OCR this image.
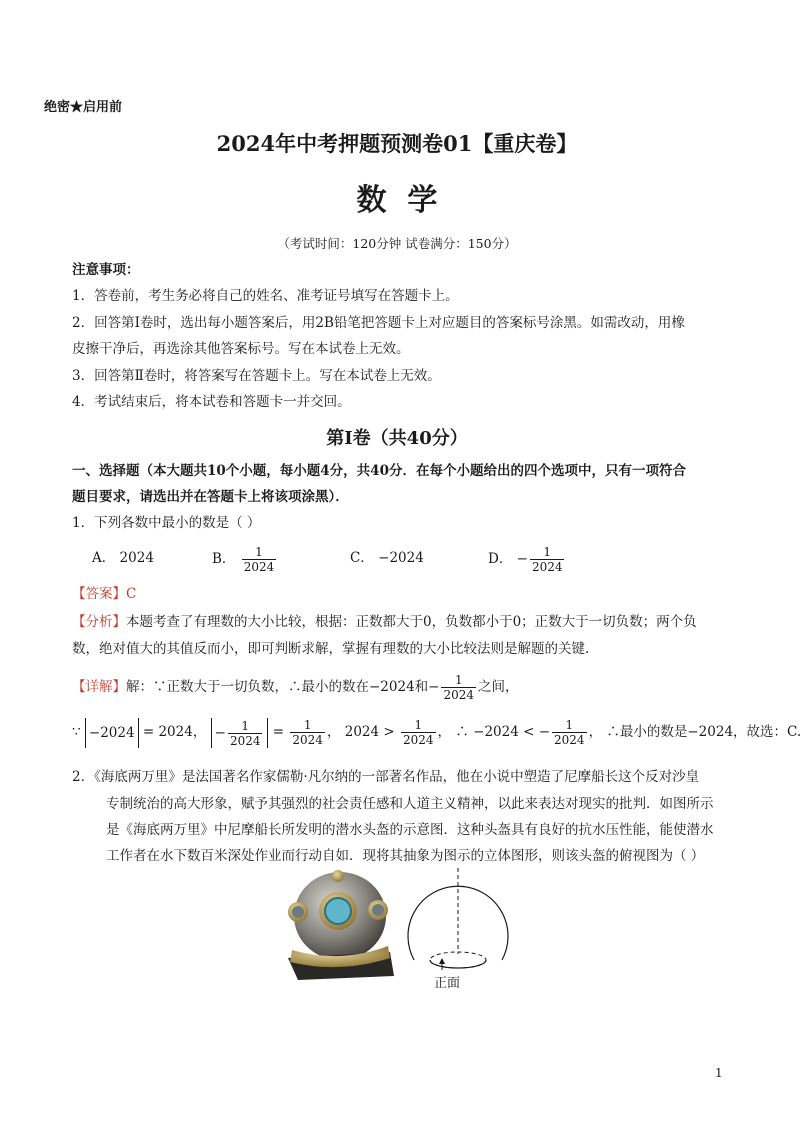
绝密★启用前
2024年中考押题预测卷01【重庆卷】
数  学
（考试时间：120分钟 试卷满分：150分）
注意事项：
1．答卷前，考生务必将自己的姓名、准考证号填写在答题卡上。
2．回答第Ⅰ卷时，选出每小题答案后，用2B铅笔把答题卡上对应题目的答案标号涂黑。如需改动，用橡
皮擦干净后，再选涂其他答案标号。写在本试卷上无效。
3．回答第Ⅱ卷时，将答案写在答题卡上。写在本试卷上无效。
4．考试结束后，将本试卷和答题卡一并交回。
第Ⅰ卷（共40分）
一、选择题（本大题共10个小题，每小题4分，共40分．在每个小题给出的四个选项中，只有一项符合
题目要求，请选出并在答题卡上将该项涂黑）．
1．下列各数中最小的数是（ ）
A． 2024	B． $\frac{1}{2024}$	C． −2024	D． − $\frac{1}{2024}$
【答案】C
【分析】本题考查了有理数的大小比较，根据：正数都大于0，负数都小于0；正数大于一切负数；两个负
数，绝对值大的其值反而小，即可判断求解，掌握有理数的大小比较法则是解题的关键.
【详解】解：∵正数大于一切负数，∴最小的数在−2024和− $\frac{1}{2024}$ 之间，
∵ −2024 = 2024， − $\frac{1}{2024} = \frac{1}{2024}$ ， $2024 > \frac{1}{2024}$ ， ∴ −2024 < − $\frac{1}{2024}$ ， ∴最小的数是−2024，故选：C.
2．《海底两万里》是法国著名作家儒勒·凡尔纳的一部著名作品，他在小说中塑造了尼摩船长这个反对沙皇
专制统治的高大形象，赋予其强烈的社会责任感和人道主义精神，以此来表达对现实的批判．如图所示
是《海底两万里》中尼摩船长所发明的潜水头盔的示意图．这种头盔具有良好的抗水压性能，能使潜水
工作者在水下数百米深处作业而行动自如．现将其抽象为图示的立体图形，则该头盔的俯视图为（ ）
正面
1
